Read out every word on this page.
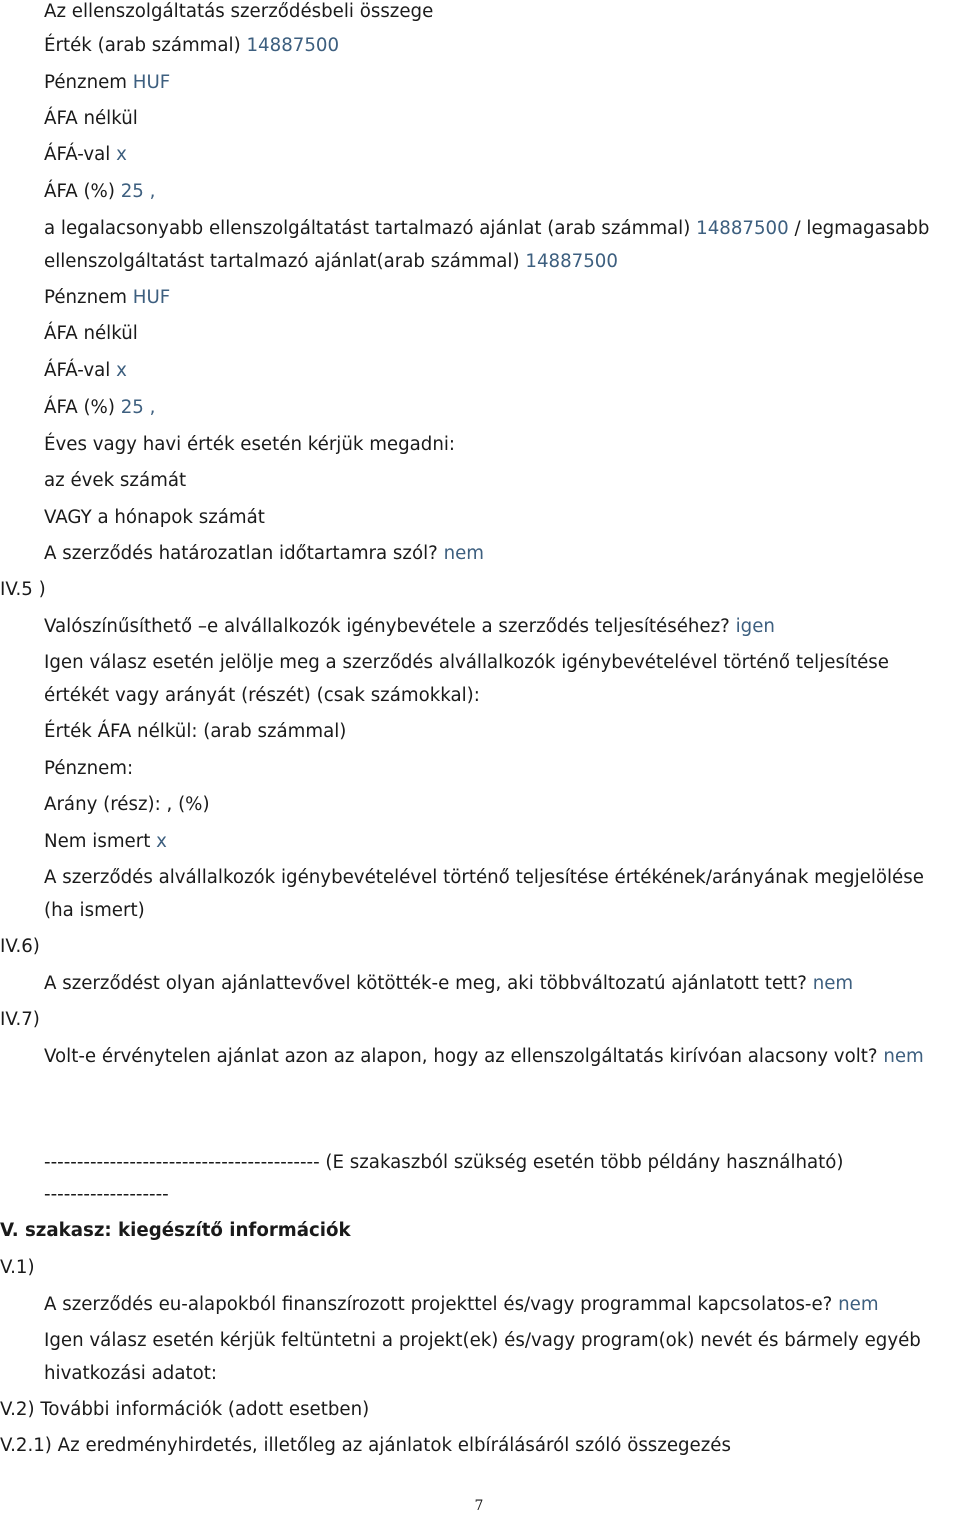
Az ellenszolgáltatás szerződésbeli összege

Érték (arab számmal) 14887500

Pénznem HUF

ÁFA nélkül

ÁFÁ-val x

ÁFA (%) 25 ,

a legalacsonyabb ellenszolgáltatást tartalmazó ajánlat (arab számmal) 14887500 / legmagasabb

ellenszolgáltatást tartalmazó ajánlat(arab számmal) 14887500

Pénznem HUF

ÁFA nélkül

ÁFÁ-val x

ÁFA (%) 25 ,

Éves vagy havi érték esetén kérjük megadni:

az évek számát

VAGY a hónapok számát

A szerződés határozatlan időtartamra szól? nem

IV.5 )

Valószínűsíthető –e alvállalkozók igénybevétele a szerződés teljesítéséhez? igen

Igen válasz esetén jelölje meg a szerződés alvállalkozók igénybevételével történő teljesítése

értékét vagy arányát (részét) (csak számokkal):

Érték ÁFA nélkül: (arab számmal)

Pénznem:

Arány (rész): , (%)

Nem ismert x

A szerződés alvállalkozók igénybevételével történő teljesítése értékének/arányának megjelölése

(ha ismert)

IV.6)

A szerződést olyan ajánlattevővel kötötték-e meg, aki többváltozatú ajánlatott tett? nem

IV.7)

Volt-e érvénytelen ajánlat azon az alapon, hogy az ellenszolgáltatás kirívóan alacsony volt? nem

------------------------------------------ (E szakaszból szükség esetén több példány használható)

-------------------

V. szakasz: kiegészítő információk

V.1)

A szerződés eu-alapokból finanszírozott projekttel és/vagy programmal kapcsolatos-e? nem

Igen válasz esetén kérjük feltüntetni a projekt(ek) és/vagy program(ok) nevét és bármely egyéb

hivatkozási adatot:

V.2) További információk (adott esetben)

V.2.1) Az eredményhirdetés, illetőleg az ajánlatok elbírálásáról szóló összegezés

7
